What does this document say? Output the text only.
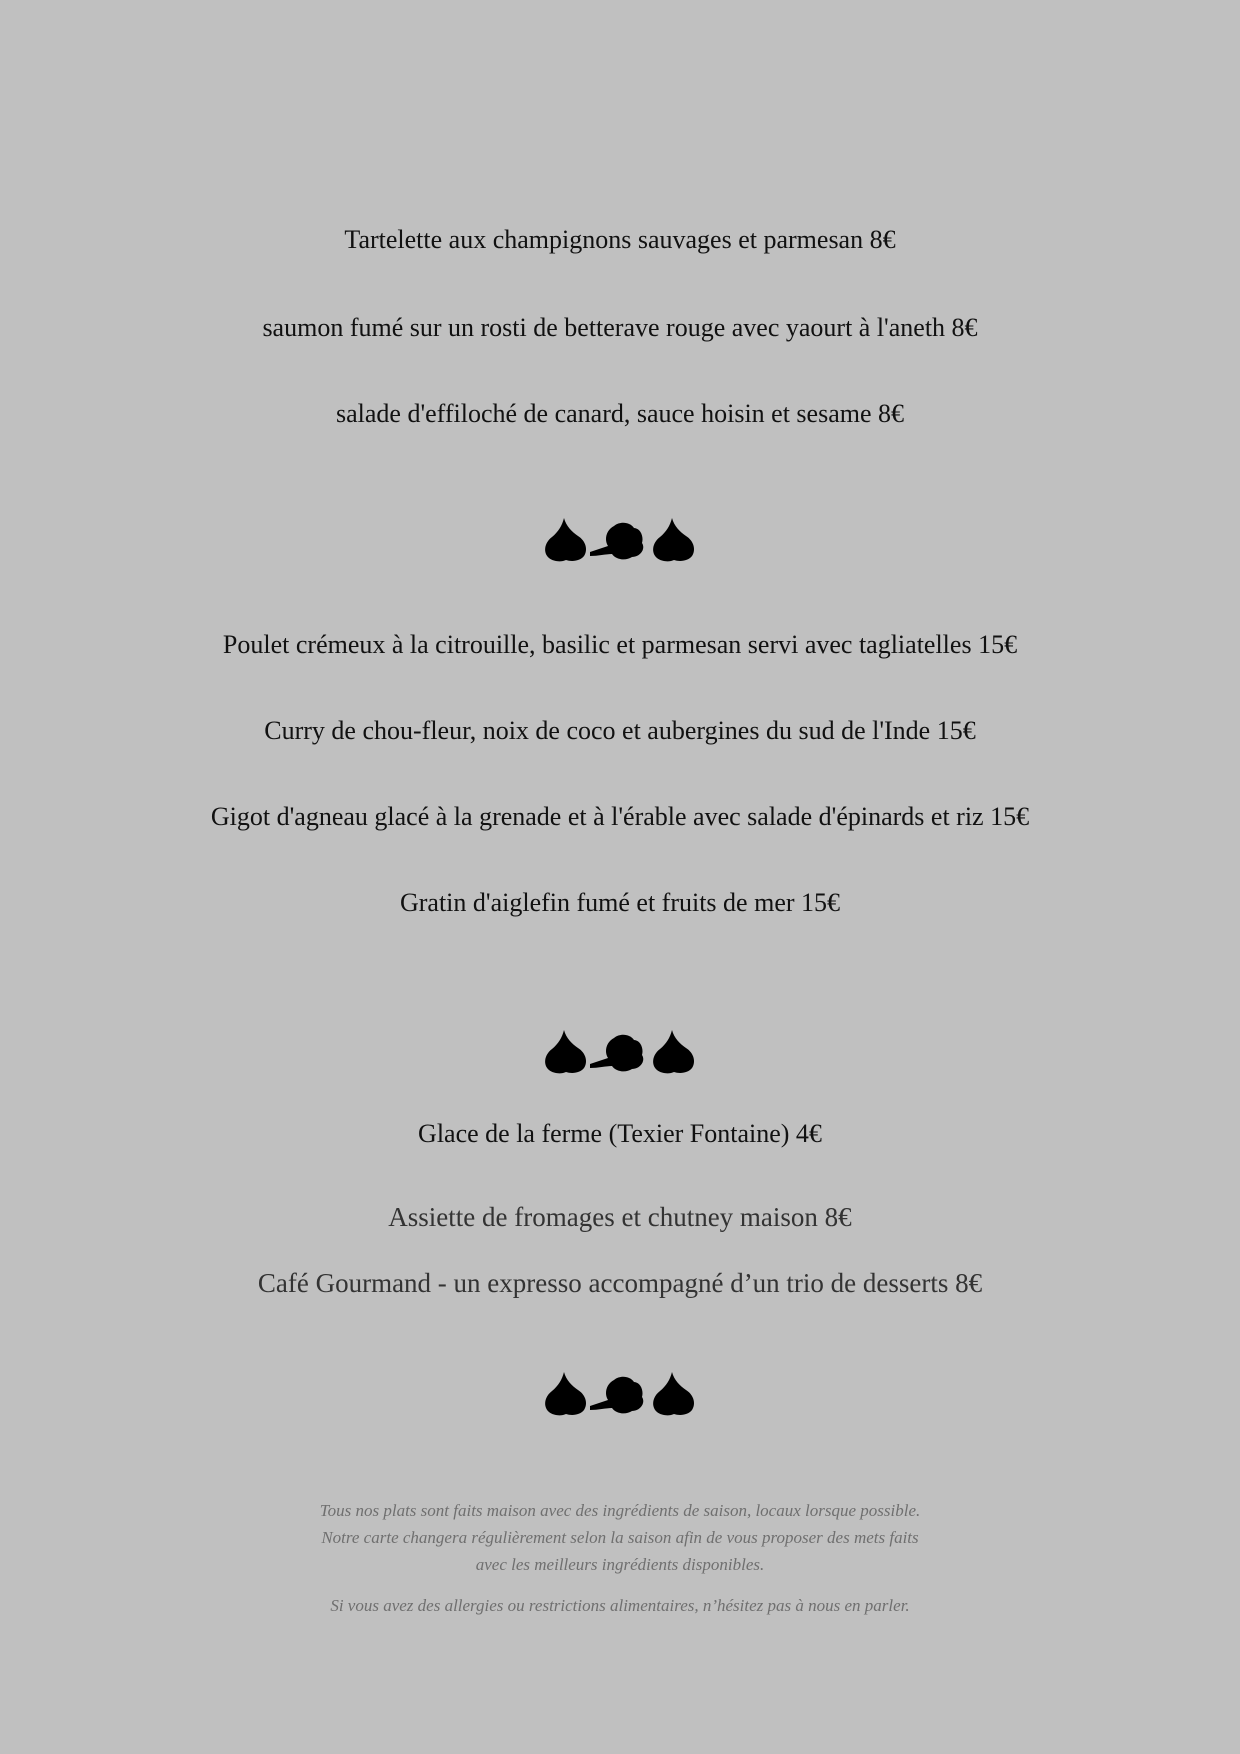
Tartelette aux champignons sauvages et parmesan 8€
saumon fumé sur un rosti de betterave rouge avec yaourt à l'aneth 8€
salade d'effiloché de canard, sauce hoisin et sesame 8€
Poulet crémeux à la citrouille, basilic et parmesan servi avec tagliatelles 15€
Curry de chou-fleur, noix de coco et aubergines du sud de l'Inde 15€
Gigot d'agneau glacé à la grenade et à l'érable avec salade d'épinards et riz 15€
Gratin d'aiglefin fumé et fruits de mer 15€
Glace de la ferme (Texier Fontaine) 4€
Assiette de fromages et chutney maison 8€
Café Gourmand - un expresso accompagné d’un trio de desserts 8€
Tous nos plats sont faits maison avec des ingrédients de saison, locaux lorsque possible.
Notre carte changera régulièrement selon la saison afin de vous proposer des mets faits
avec les meilleurs ingrédients disponibles.
Si vous avez des allergies ou restrictions alimentaires, n’hésitez pas à nous en parler.
